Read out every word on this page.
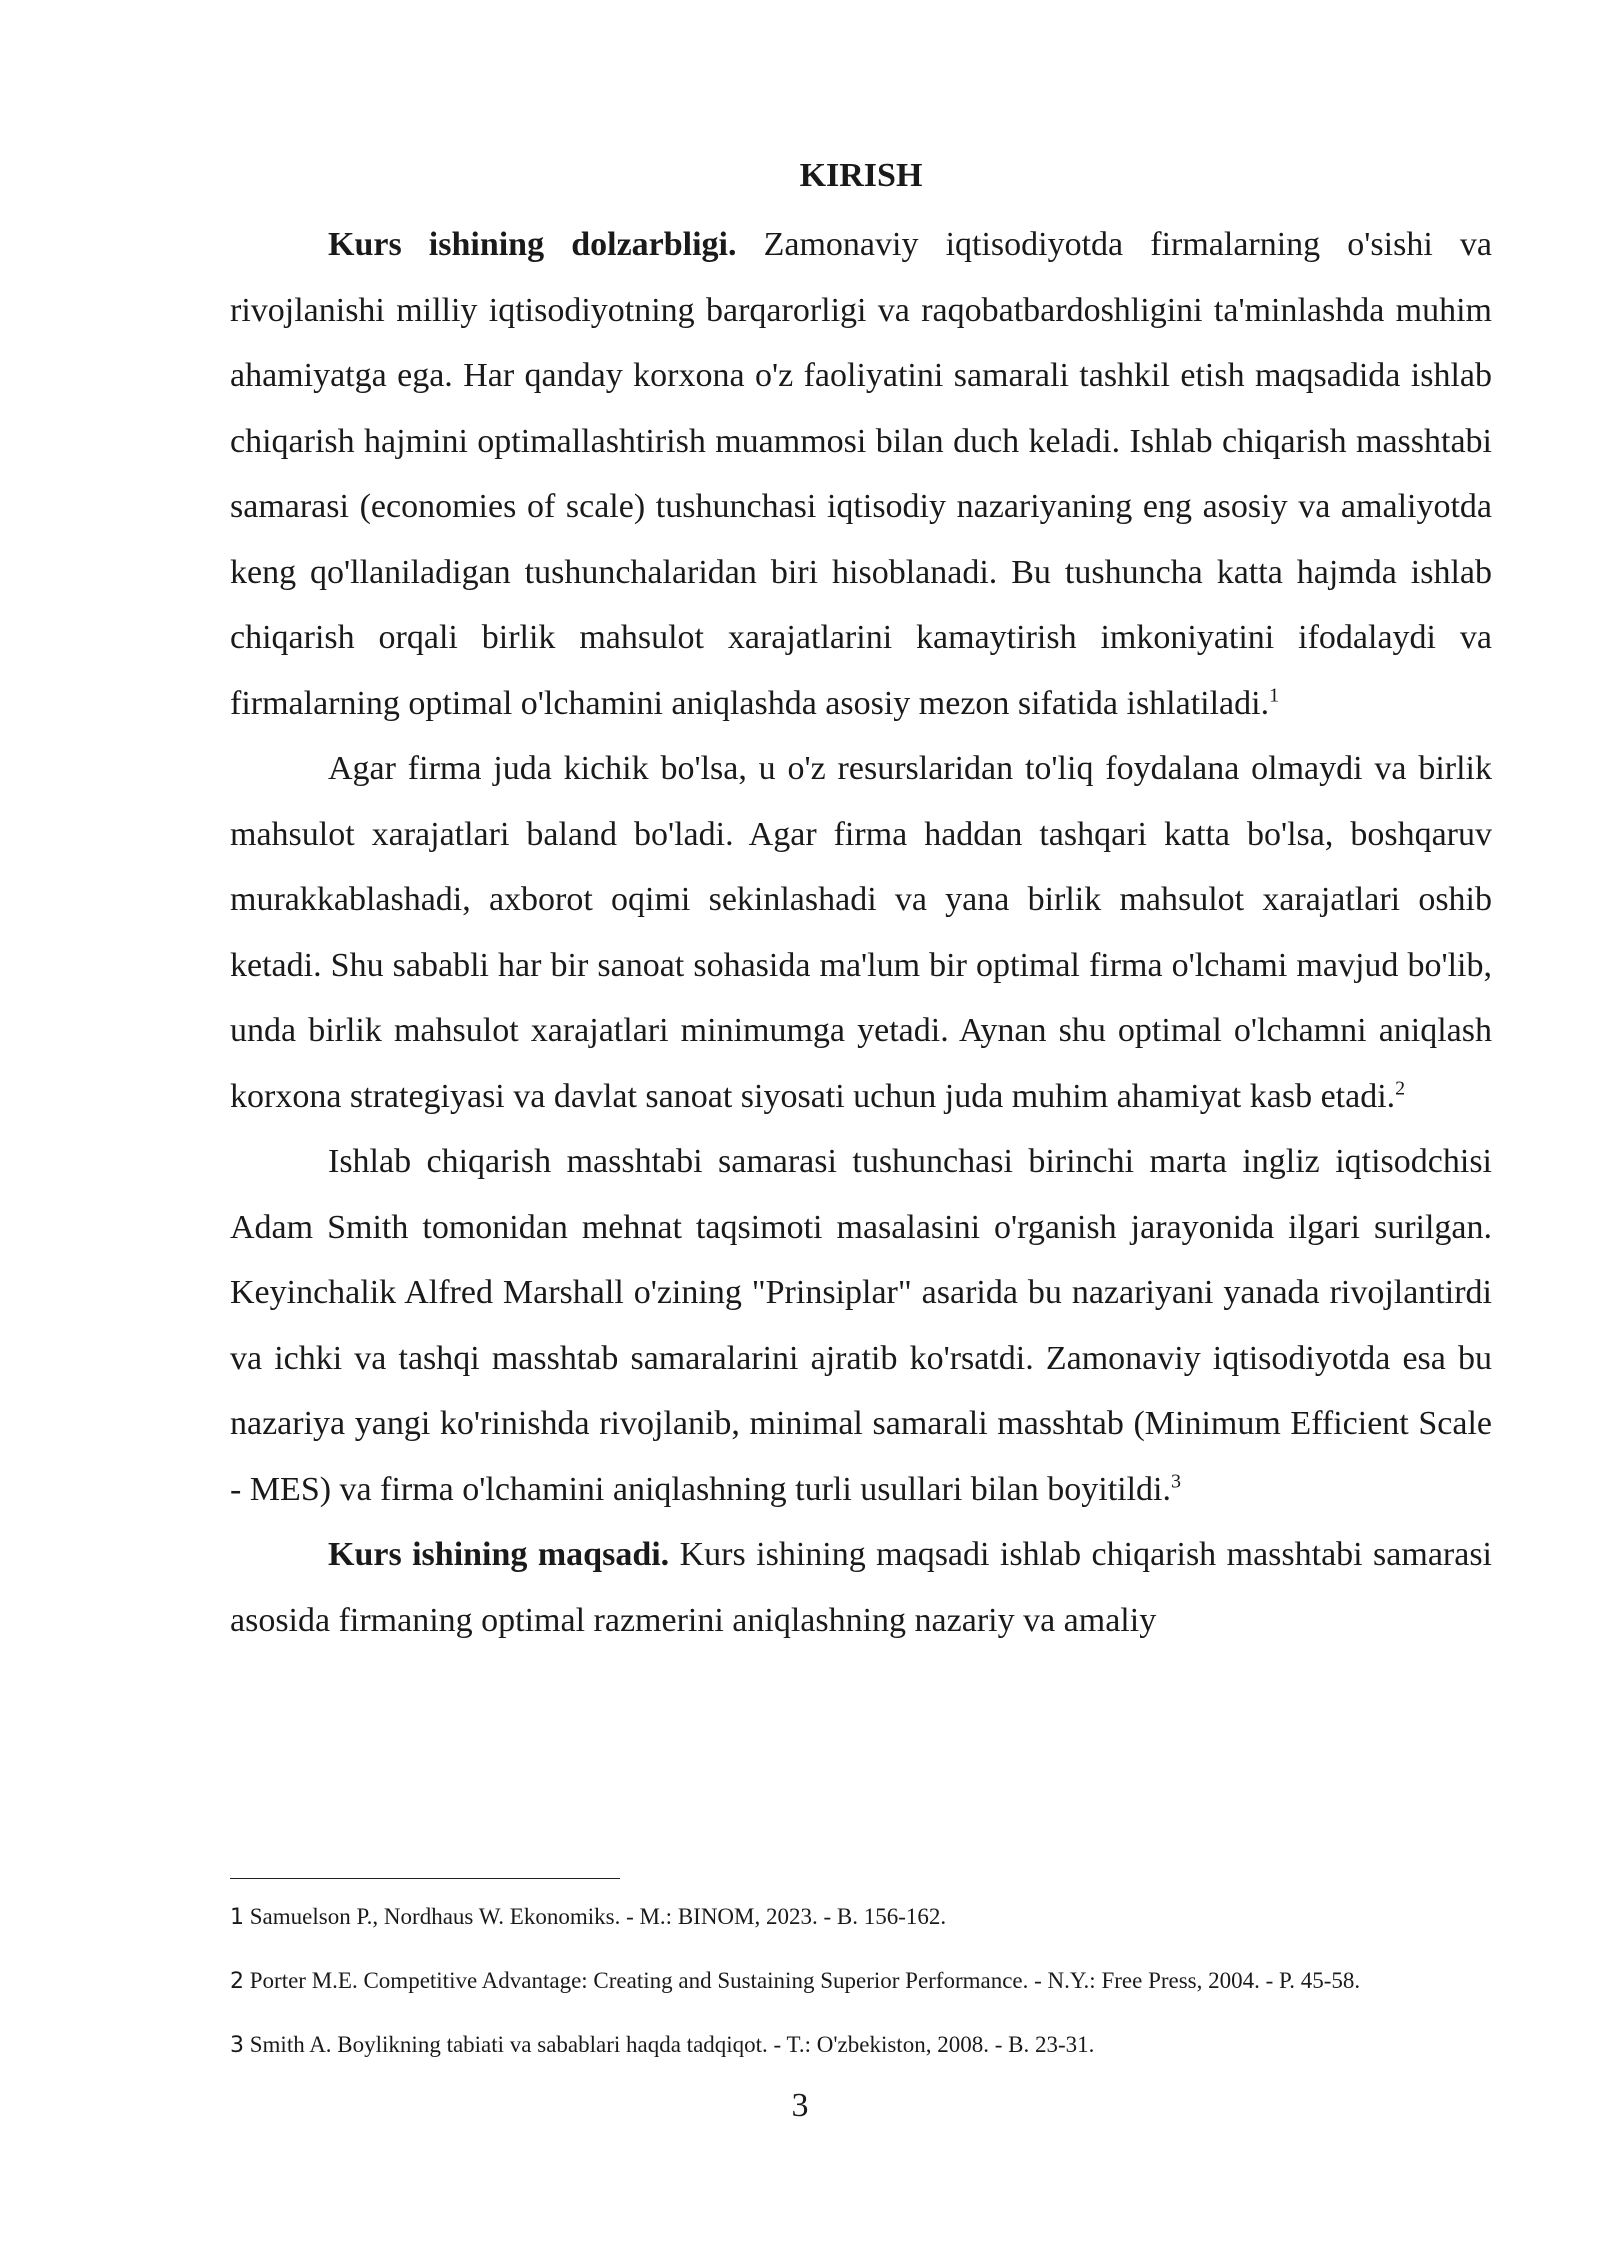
KIRISH

Kurs ishining dolzarbligi. Zamonaviy iqtisodiyotda firmalarning o'sishi va rivojlanishi milliy iqtisodiyotning barqarorligi va raqobatbardoshligini ta'minlashda muhim ahamiyatga ega. Har qanday korxona o'z faoliyatini samarali tashkil etish maqsadida ishlab chiqarish hajmini optimallashtirish muammosi bilan duch keladi. Ishlab chiqarish masshtabi samarasi (economies of scale) tushunchasi iqtisodiy nazariyaning eng asosiy va amaliyotda keng qo'llaniladigan tushunchalaridan biri hisoblanadi. Bu tushuncha katta hajmda ishlab chiqarish orqali birlik mahsulot xarajatlarini kamaytirish imkoniyatini ifodalaydi va firmalarning optimal o'lchamini aniqlashda asosiy mezon sifatida ishlatiladi.$^1$

Agar firma juda kichik bo'lsa, u o'z resurslaridan to'liq foydalana olmaydi va birlik mahsulot xarajatlari baland bo'ladi. Agar firma haddan tashqari katta bo'lsa, boshqaruv murakkablashadi, axborot oqimi sekinlashadi va yana birlik mahsulot xarajatlari oshib ketadi. Shu sababli har bir sanoat sohasida ma'lum bir optimal firma o'lchami mavjud bo'lib, unda birlik mahsulot xarajatlari minimumga yetadi. Aynan shu optimal o'lchamni aniqlash korxona strategiyasi va davlat sanoat siyosati uchun juda muhim ahamiyat kasb etadi.$^2$

Ishlab chiqarish masshtabi samarasi tushunchasi birinchi marta ingliz iqtisodchisi Adam Smith tomonidan mehnat taqsimoti masalasini o'rganish jarayonida ilgari surilgan. Keyinchalik Alfred Marshall o'zining "Prinsiplar" asarida bu nazariyani yanada rivojlantirdi va ichki va tashqi masshtab samaralarini ajratib ko'rsatdi. Zamonaviy iqtisodiyotda esa bu nazariya yangi ko'rinishda rivojlanib, minimal samarali masshtab (Minimum Efficient Scale - MES) va firma o'lchamini aniqlashning turli usullari bilan boyitildi.$^3$

Kurs ishining maqsadi. Kurs ishining maqsadi ishlab chiqarish masshtabi samarasi asosida firmaning optimal razmerini aniqlashning nazariy va amaliy

1 Samuelson P., Nordhaus W. Ekonomiks. - M.: BINOM, 2023. - B. 156-162.

2 Porter M.E. Competitive Advantage: Creating and Sustaining Superior Performance. - N.Y.: Free Press, 2004. - P. 45-58.

3 Smith A. Boylikning tabiati va sabablari haqda tadqiqot. - T.: O'zbekiston, 2008. - B. 23-31.

3
